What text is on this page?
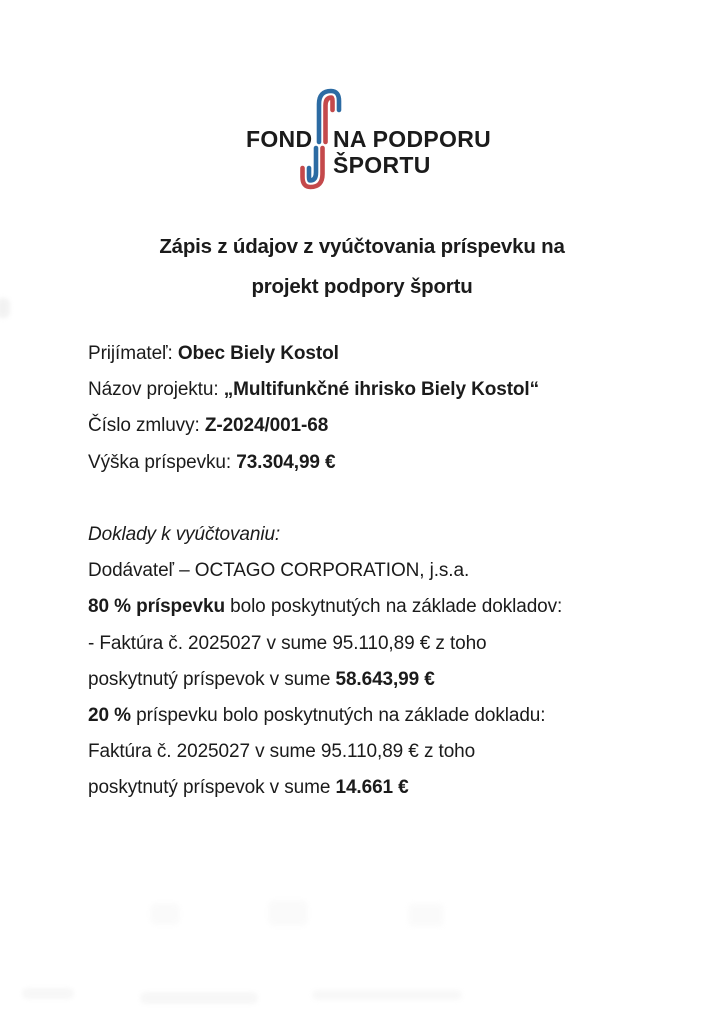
FOND NA PODPORU
ŠPORTU
Zápis z údajov z vyúčtovania príspevku na
projekt podpory športu
Prijímateľ: Obec Biely Kostol
Názov projektu: „Multifunkčné ihrisko Biely Kostol“
Číslo zmluvy: Z-2024/001-68
Výška príspevku: 73.304,99 €
Doklady k vyúčtovaniu:
Dodávateľ – OCTAGO CORPORATION, j.s.a.
80 % príspevku bolo poskytnutých na základe dokladov:
- Faktúra č. 2025027 v sume 95.110,89 € z toho
poskytnutý príspevok v sume 58.643,99 €
20 % príspevku bolo poskytnutých na základe dokladu:
Faktúra č. 2025027 v sume 95.110,89 € z toho
poskytnutý príspevok v sume 14.661 €
